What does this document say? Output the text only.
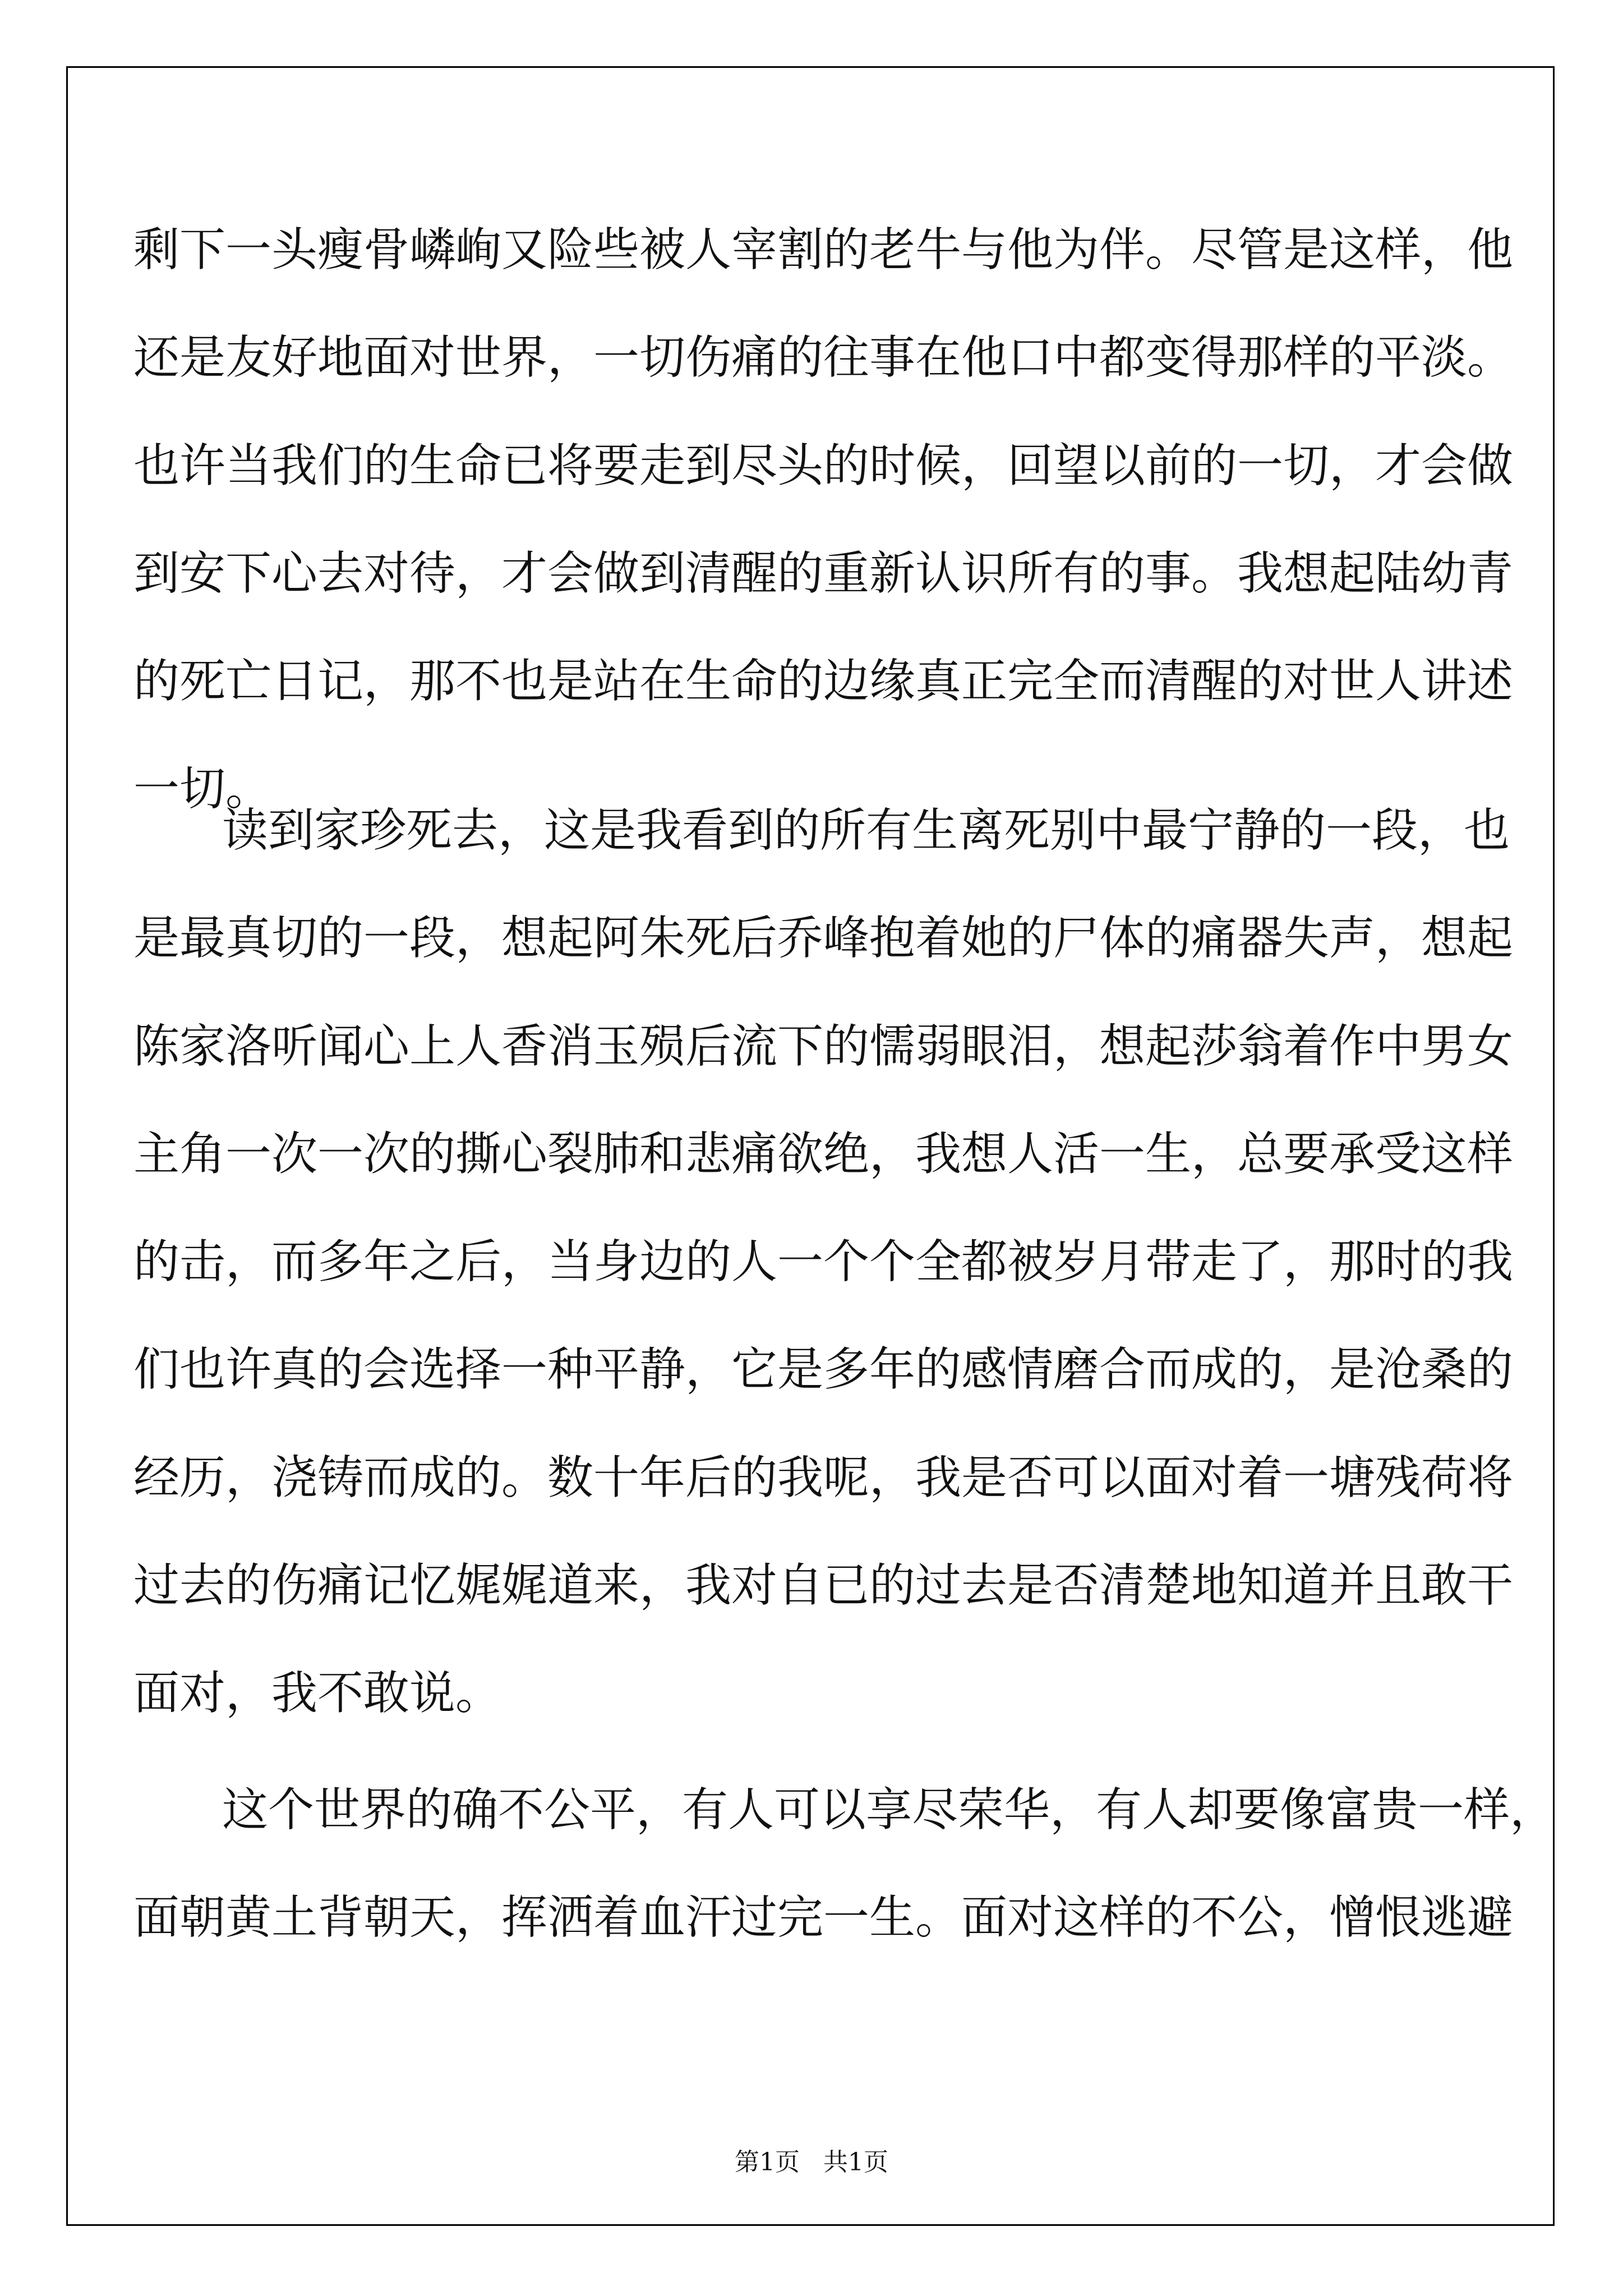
剩下一头瘦骨嶙峋又险些被人宰割的老牛与他为伴。尽管是这样，他
还是友好地面对世界，一切伤痛的往事在他口中都变得那样的平淡。
也许当我们的生命已将要走到尽头的时候，回望以前的一切，才会做
到安下心去对待，才会做到清醒的重新认识所有的事。我想起陆幼青
的死亡日记，那不也是站在生命的边缘真正完全而清醒的对世人讲述
一切。
读到家珍死去，这是我看到的所有生离死别中最宁静的一段，也
是最真切的一段，想起阿朱死后乔峰抱着她的尸体的痛器失声，想起
陈家洛听闻心上人香消玉殒后流下的懦弱眼泪，想起莎翁着作中男女
主角一次一次的撕心裂肺和悲痛欲绝，我想人活一生，总要承受这样
的击，而多年之后，当身边的人一个个全都被岁月带走了，那时的我
们也许真的会选择一种平静，它是多年的感情磨合而成的，是沧桑的
经历，浇铸而成的。数十年后的我呢，我是否可以面对着一塘残荷将
过去的伤痛记忆娓娓道来，我对自已的过去是否清楚地知道并且敢干
面对，我不敢说。
这个世界的确不公平，有人可以享尽荣华，有人却要像富贵一样，
面朝黄土背朝天，挥洒着血汗过完一生。面对这样的不公，憎恨逃避
第1页   共1页
